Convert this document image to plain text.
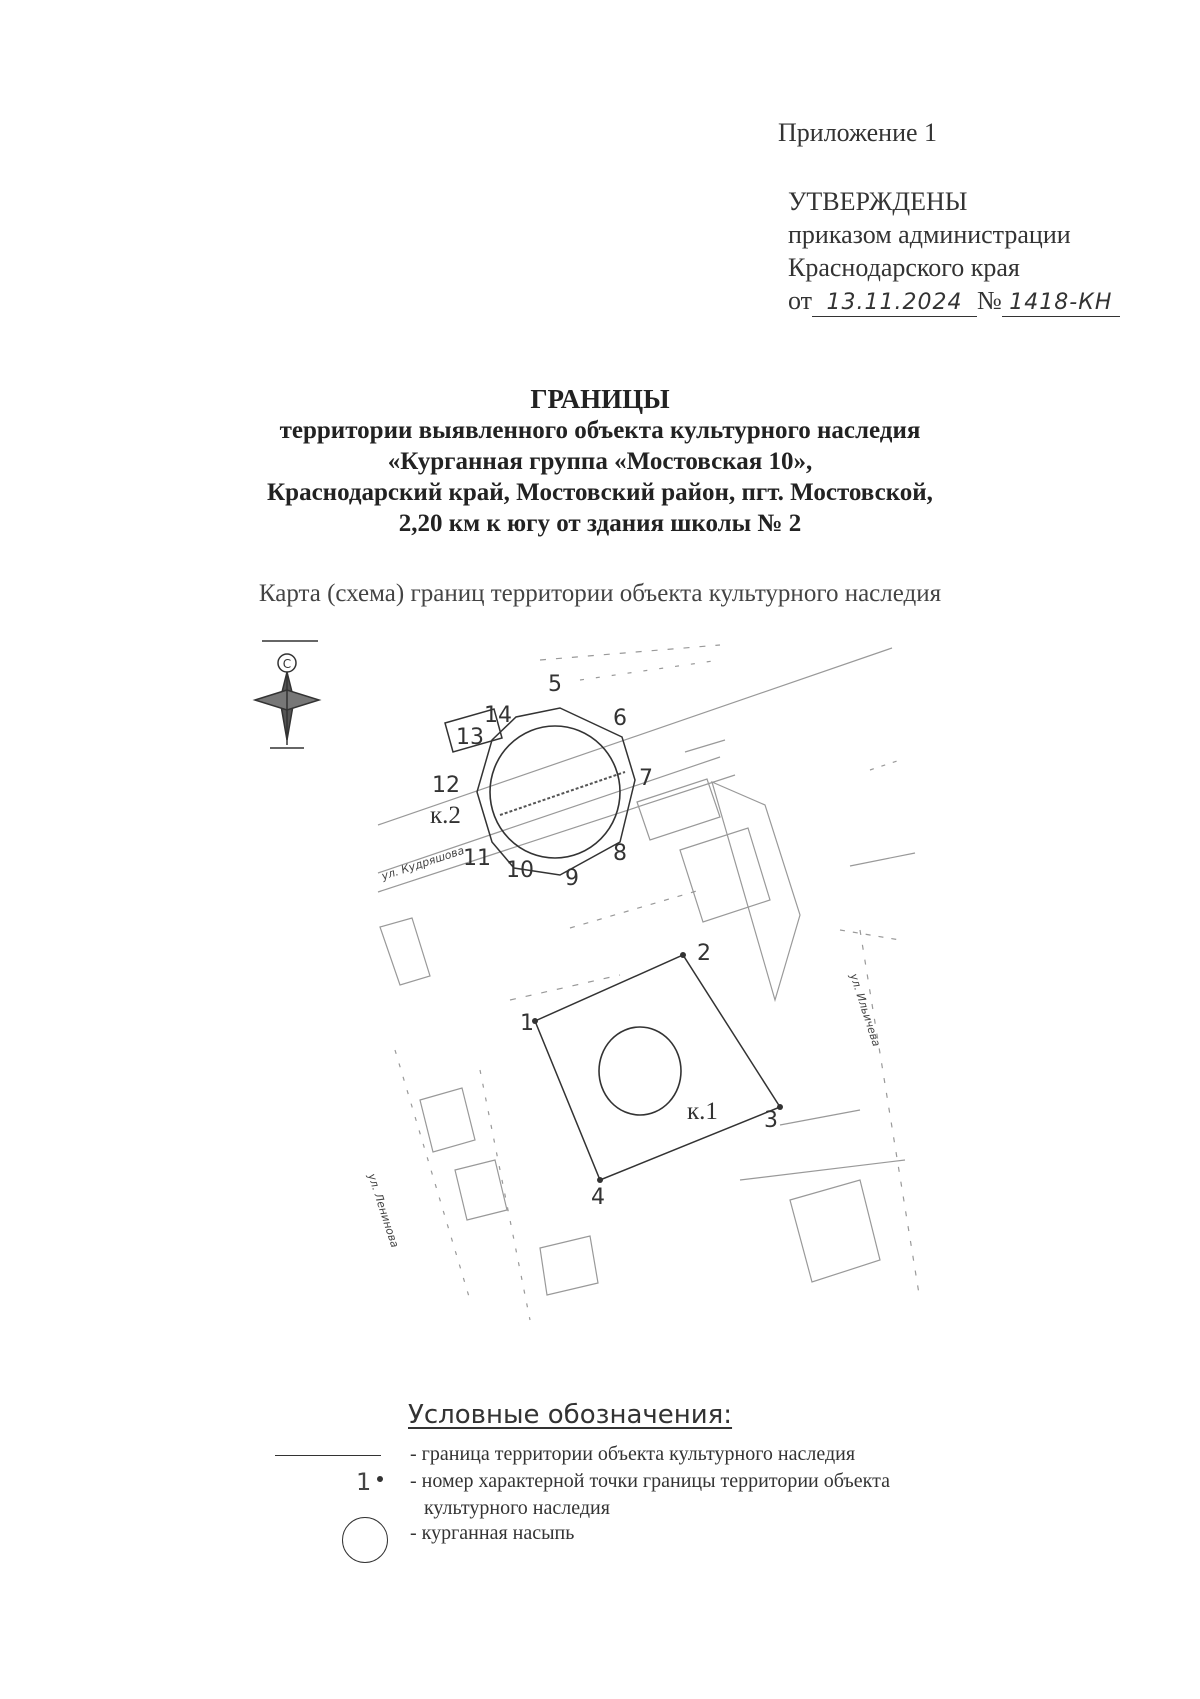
Приложение 1
УТВЕРЖДЕНЫ
приказом администрации
Краснодарского края
от 13.11.2024 № 1418-КН
ГРАНИЦЫ
территории выявленного объекта культурного наследия
«Курганная группа «Мостовская 10»,
Краснодарский край, Мостовский район, пгт. Мостовской,
2,20 км к югу от здания школы № 2
Карта (схема) границ территории объекта культурного наследия
С
ул. Кудряшова
ул. Ильичева
ул. Ленинова
5
6
7
8
9
10
11
12
13
14
1
2
3
4
к.1
к.2
Условные обозначения:
- граница территории объекта культурного наследия
1 - номер характерной точки границы территории объекта
культурного наследия
- курганная насыпь
